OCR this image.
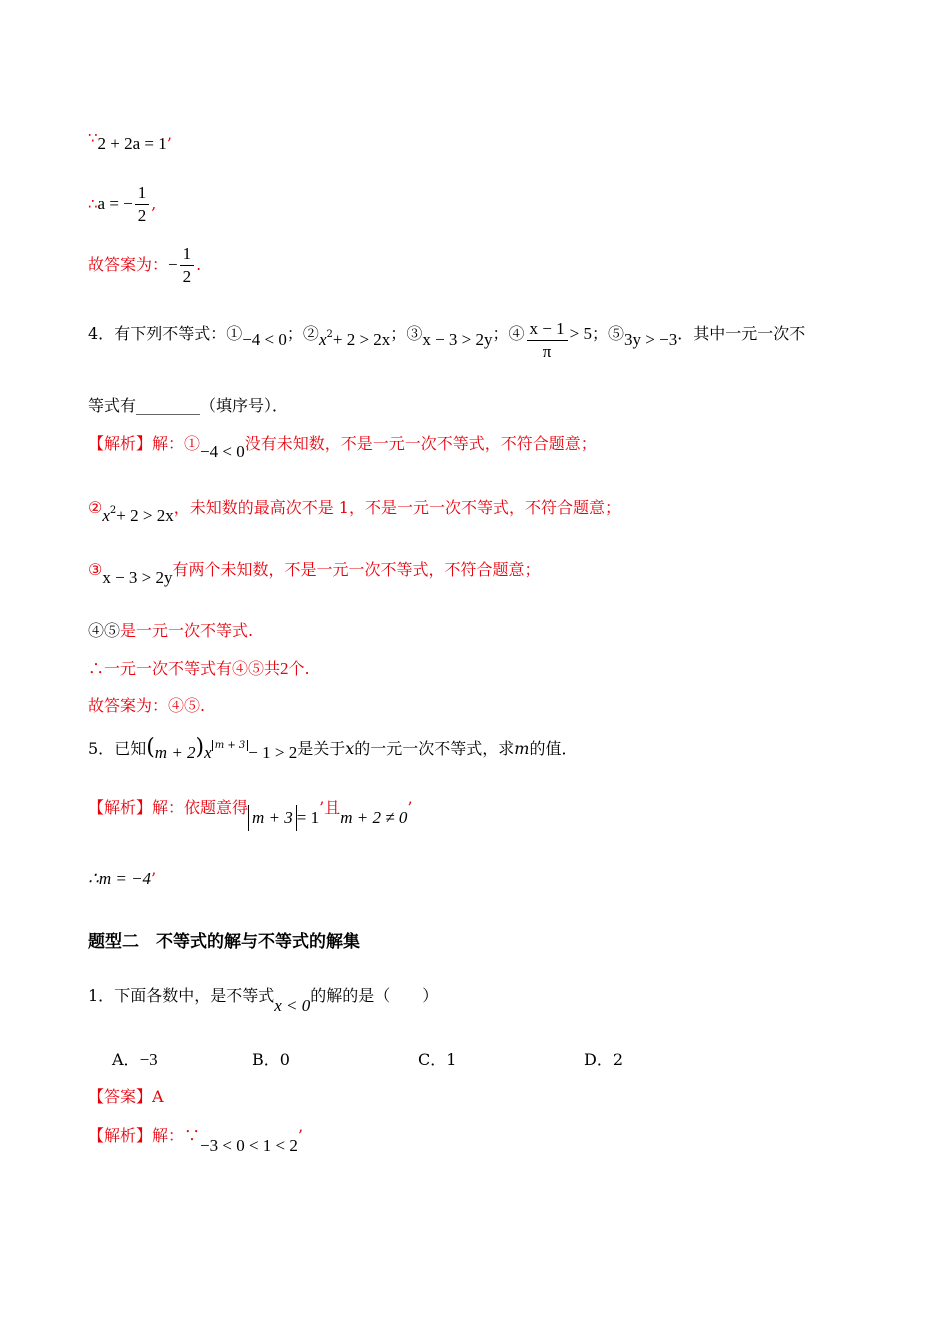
∵2 + 2a = 1’
∴a = − $\frac{1}{2}$ ,
故答案为：− $\frac{1}{2}$ .
4．有下列不等式：①−4 < 0；②x2+ 2 > 2x；③x − 3 > 2y；④ $\frac{x - 1}{\pi} > 5$；⑤3y > −3．其中一元一次不
等式有________（填序号）．
【解析】解：①−4 < 0没有未知数，不是一元一次不等式，不符合题意；
②x2+ 2 > 2x，未知数的最高次不是 1，不是一元一次不等式，不符合题意；
③x − 3 > 2y有两个未知数，不是一元一次不等式，不符合题意；
④⑤是一元一次不等式.
∴一元一次不等式有④⑤共2个.
故答案为：④⑤.
5．已知(m + 2)x $^{m + 3}$ − 1 > 2是关于x的一元一次不等式，求m的值．
【解析】解：依题意得m + 3 = 1’且m + 2 ≠ 0’
∴m = −4’
题型二　不等式的解与不等式的解集
1．下面各数中，是不等式x < 0的解的是（　　）
A．−3	B．0	C．1	D．2
【答案】A
【解析】解：∵−3 < 0 < 1 < 2’
